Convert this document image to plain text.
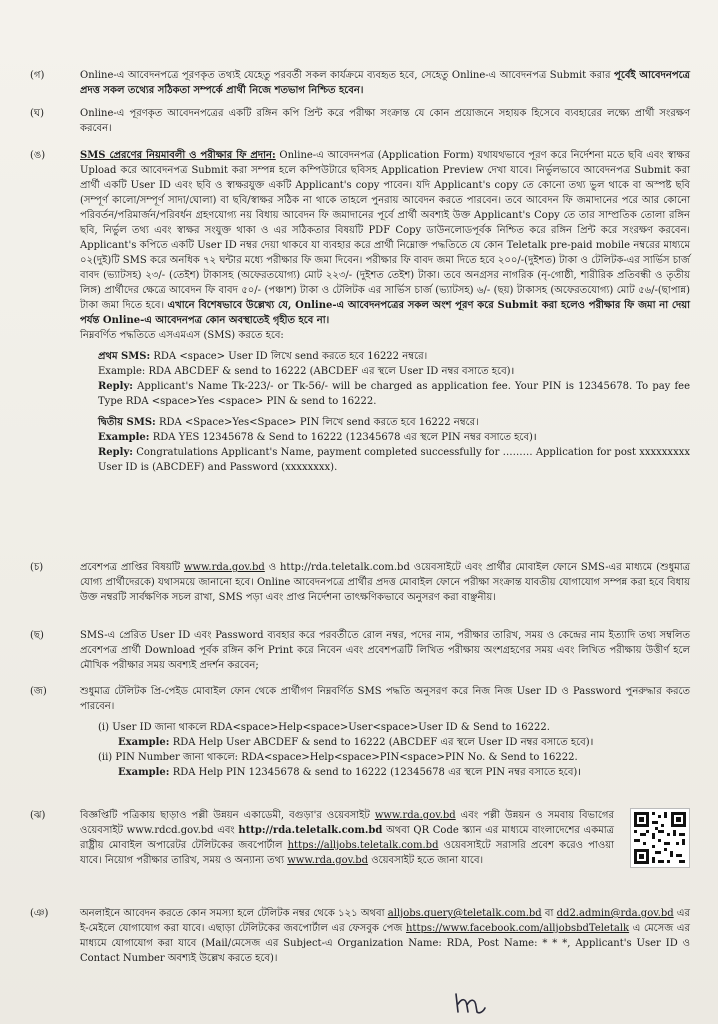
(গ)	Online-এ আবেদনপত্রে পূরণকৃত তথ্যই যেহেতু পরবর্তী সকল কার্যক্রমে ব্যবহৃত হবে, সেহেতু Online-এ আবেদনপত্র Submit করার পূর্বেই আবেদনপত্রে প্রদত্ত সকল তথ্যের সঠিকতা সম্পর্কে প্রার্থী নিজে শতভাগ নিশ্চিত হবেন।
(ঘ)	Online-এ পূরণকৃত আবেদনপত্রের একটি রঙ্গিন কপি প্রিন্ট করে পরীক্ষা সংক্রান্ত যে কোন প্রয়োজনে সহায়ক হিসেবে ব্যবহারের লক্ষ্যে প্রার্থী সংরক্ষণ করবেন।
(ঙ)	SMS প্রেরণের নিয়মাবলী ও পরীক্ষার ফি প্রদান: Online-এ আবেদনপত্র (Application Form) যথাযথভাবে পূরণ করে নির্দেশনা মতে ছবি এবং স্বাক্ষর Upload করে আবেদনপত্র Submit করা সম্পন্ন হলে কম্পিউটারে ছবিসহ Application Preview দেখা যাবে। নির্ভুলভাবে আবেদনপত্র Submit করা প্রার্থী একটি User ID এবং ছবি ও স্বাক্ষরযুক্ত একটি Applicant's copy পাবেন। যদি Applicant's copy তে কোনো তথ্য ভুল থাকে বা অস্পষ্ট ছবি (সম্পূর্ণ কালো/সম্পূর্ণ সাদা/ঘোলা) বা ছবি/স্বাক্ষর সঠিক না থাকে তাহলে পুনরায় আবেদন করতে পারবেন। তবে আবেদন ফি জমাদানের পরে আর কোনো পরিবর্তন/পরিমার্জন/পরিবর্ধন গ্রহণযোগ্য নয় বিধায় আবেদন ফি জমাদানের পূর্বে প্রার্থী অবশ্যই উক্ত Applicant's Copy তে তার সাম্প্রতিক তোলা রঙ্গিন ছবি, নির্ভুল তথ্য এবং স্বাক্ষর সংযুক্ত থাকা ও এর সঠিকতার বিষয়টি PDF Copy ডাউনলোডপূর্বক নিশ্চিত করে রঙ্গিন প্রিন্ট করে সংরক্ষণ করবেন। Applicant's কপিতে একটি User ID নম্বর দেয়া থাকবে যা ব্যবহার করে প্রার্থী নিম্নোক্ত পদ্ধতিতে যে কোন Teletalk pre-paid mobile নম্বরের মাধ্যমে ০২(দুই)টি SMS করে অনধিক ৭২ ঘন্টার মধ্যে পরীক্ষার ফি জমা দিবেন। পরীক্ষার ফি বাবদ জমা দিতে হবে ২০০/-(দুইশত) টাকা ও টেলিটক-এর সার্ভিস চার্জ বাবদ (ভ্যাটসহ) ২৩/- (তেইশ) টাকাসহ (অফেরতযোগ্য) মোট ২২৩/- (দুইশত তেইশ) টাকা। তবে অনগ্রসর নাগরিক (নৃ-গোষ্ঠী, শারীরিক প্রতিবন্ধী ও তৃতীয় লিঙ্গ) প্রার্থীদের ক্ষেত্রে আবেদন ফি বাবদ ৫০/- (পঞ্চাশ) টাকা ও টেলিটক এর সার্ভিস চার্জ (ভ্যাটসহ) ৬/- (ছয়) টাকাসহ (অফেরতযোগ্য) মোট ৫৬/-(ছাপান্ন) টাকা জমা দিতে হবে। এখানে বিশেষভাবে উল্লেখ্য যে, Online-এ আবেদনপত্রের সকল অংশ পূরণ করে Submit করা হলেও পরীক্ষার ফি জমা না দেয়া পর্যন্ত Online-এ আবেদনপত্র কোন অবস্থাতেই গৃহীত হবে না।

নিম্নবর্ণিত পদ্ধতিতে এসএমএস (SMS) করতে হবে:

প্রথম SMS: RDA <space> User ID লিখে send করতে হবে 16222 নম্বরে।

Example: RDA ABCDEF & send to 16222 (ABCDEF এর স্থলে User ID নম্বর বসাতে হবে)।

Reply: Applicant's Name Tk-223/- or Tk-56/- will be charged as application fee. Your PIN is 12345678. To pay fee Type RDA <space>Yes <space> PIN & send to 16222.

দ্বিতীয় SMS: RDA <Space>Yes<Space> PIN লিখে send করতে হবে 16222 নম্বরে।

Example: RDA YES 12345678 & Send to 16222 (12345678 এর স্থলে PIN নম্বর বসাতে হবে)।

Reply: Congratulations Applicant's Name, payment completed successfully for ……… Application for post xxxxxxxxx User ID is (ABCDEF) and Password (xxxxxxxx).

(চ)	প্রবেশপত্র প্রাপ্তির বিষয়টি www.rda.gov.bd ও http://rda.teletalk.com.bd ওয়েবসাইটে এবং প্রার্থীর মোবাইল ফোনে SMS-এর মাধ্যমে (শুধুমাত্র যোগ্য প্রার্থীদেরকে) যথাসময়ে জানানো হবে। Online আবেদনপত্রে প্রার্থীর প্রদত্ত মোবাইল ফোনে পরীক্ষা সংক্রান্ত যাবতীয় যোগাযোগ সম্পন্ন করা হবে বিধায় উক্ত নম্বরটি সার্বক্ষণিক সচল রাখা, SMS পড়া এবং প্রাপ্ত নির্দেশনা তাৎক্ষণিকভাবে অনুসরণ করা বাঞ্ছনীয়।
(ছ)	SMS-এ প্রেরিত User ID এবং Password ব্যবহার করে পরবর্তীতে রোল নম্বর, পদের নাম, পরীক্ষার তারিখ, সময় ও কেন্দ্রের নাম ইত্যাদি তথ্য সম্বলিত প্রবেশপত্র প্রার্থী Download পূর্বক রঙ্গিন কপি Print করে নিবেন এবং প্রবেশপত্রটি লিখিত পরীক্ষায় অংশগ্রহণের সময় এবং লিখিত পরীক্ষায় উত্তীর্ণ হলে মৌখিক পরীক্ষার সময় অবশ্যই প্রদর্শন করবেন;
(জ)	শুধুমাত্র টেলিটক প্রি-পেইড মোবাইল ফোন থেকে প্রার্থীগণ নিম্নবর্ণিত SMS পদ্ধতি অনুসরণ করে নিজ নিজ User ID ও Password পুনরুদ্ধার করতে পারবেন।

(i) User ID জানা থাকলে RDA<space>Help<space>User<space>User ID & Send to 16222.

Example: RDA Help User ABCDEF & send to 16222 (ABCDEF এর স্থলে User ID নম্বর বসাতে হবে)।

(ii) PIN Number জানা থাকলে: RDA<space>Help<space>PIN<space>PIN No. & Send to 16222.

Example: RDA Help PIN 12345678 & send to 16222 (12345678 এর স্থলে PIN নম্বর বসাতে হবে)।

(ঝ)	বিজ্ঞপ্তিটি পত্রিকায় ছাড়াও পল্লী উন্নয়ন একাডেমী, বগুড়া'র ওয়েবসাইট www.rda.gov.bd এবং পল্লী উন্নয়ন ও সমবায় বিভাগের ওয়েবসাইট www.rdcd.gov.bd এবং http://rda.teletalk.com.bd অথবা QR Code স্ক্যান এর মাধ্যমে বাংলাদেশের একমাত্র রাষ্ট্রীয় মোবাইল অপারেটর টেলিটকের জবপোর্টাল https://alljobs.teletalk.com.bd ওয়েবসাইটে সরাসরি প্রবেশ করেও পাওয়া যাবে। নিয়োগ পরীক্ষার তারিখ, সময় ও অন্যান্য তথ্য www.rda.gov.bd ওয়েবসাইট হতে জানা যাবে।
(ঞ)	অনলাইনে আবেদন করতে কোন সমস্যা হলে টেলিটক নম্বর থেকে ১২১ অথবা alljobs.query@teletalk.com.bd বা dd2.admin@rda.gov.bd এর ই-মেইলে যোগাযোগ করা যাবে। এছাড়া টেলিটকের জবপোর্টাল এর ফেসবুক পেজ https://www.facebook.com/alljobsbdTeletalk এ মেসেজ এর মাধ্যমে যোগাযোগ করা যাবে (Mail/মেসেজ এর Subject-এ Organization Name: RDA, Post Name: * * *, Applicant's User ID ও Contact Number অবশ্যই উল্লেখ করতে হবে)।
